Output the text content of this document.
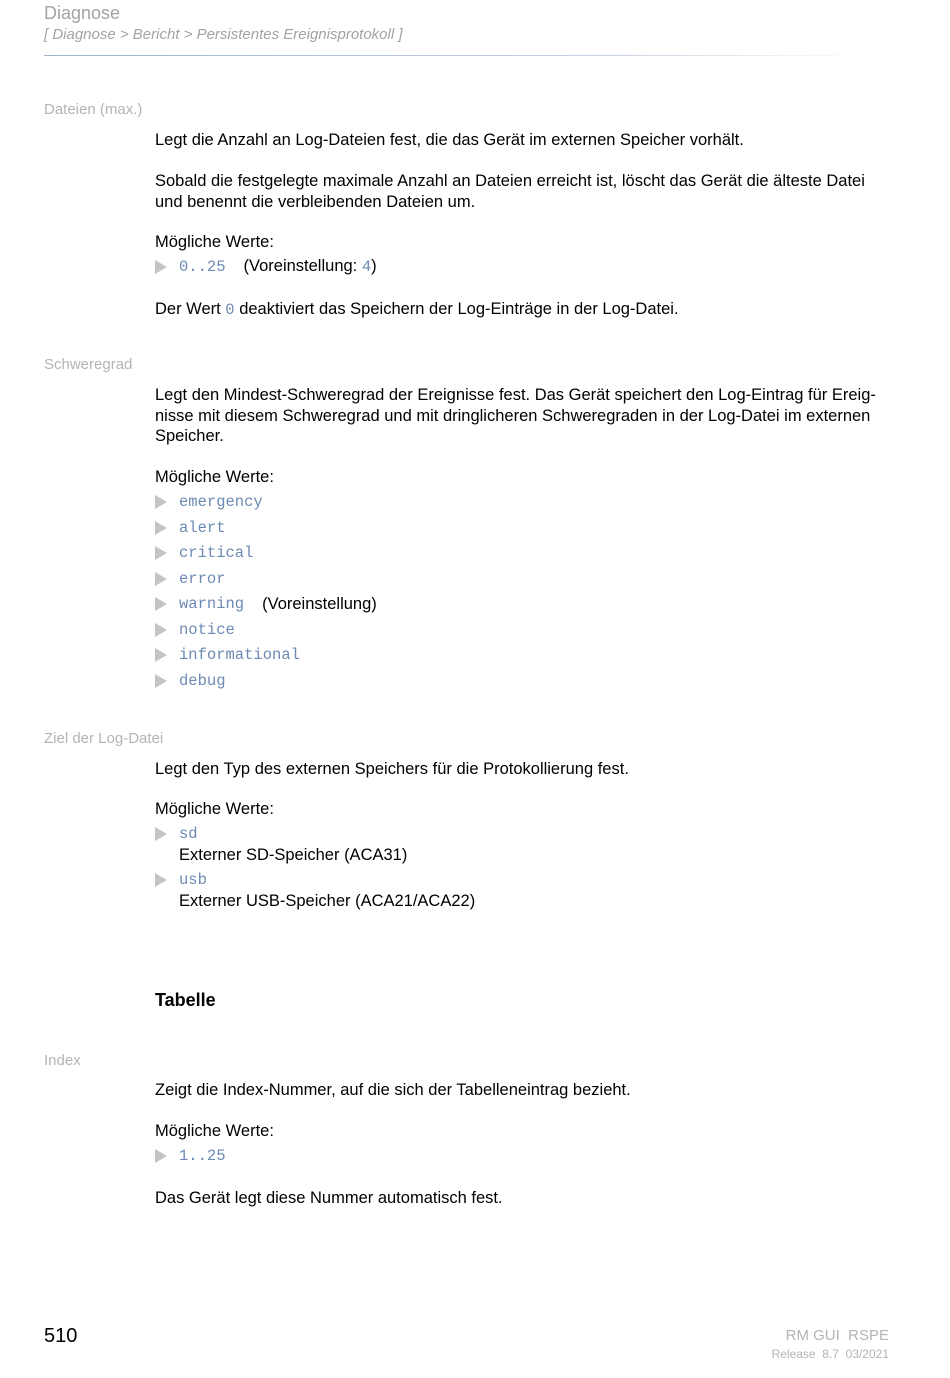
Diagnose
[ Diagnose > Bericht > Persistentes Ereignisprotokoll ]
Dateien (max.)
Legt die Anzahl an Log-Dateien fest, die das Gerät im externen Speicher vorhält.
Sobald die festgelegte maximale Anzahl an Dateien erreicht ist, löscht das Gerät die älteste Datei
und benennt die verbleibenden Dateien um.
Mögliche Werte:
0..25 (Voreinstellung: 4)
Der Wert 0 deaktiviert das Speichern der Log-Einträge in der Log-Datei.
Schweregrad
Legt den Mindest-Schweregrad der Ereignisse fest. Das Gerät speichert den Log-Eintrag für Ereig-
nisse mit diesem Schweregrad und mit dringlicheren Schweregraden in der Log-Datei im externen
Speicher.
Mögliche Werte:
emergency
alert
critical
error
warning (Voreinstellung)
notice
informational
debug
Ziel der Log-Datei
Legt den Typ des externen Speichers für die Protokollierung fest.
Mögliche Werte:
sd
Externer SD-Speicher (ACA31)
usb
Externer USB-Speicher (ACA21/ACA22)
Tabelle
Index
Zeigt die Index-Nummer, auf die sich der Tabelleneintrag bezieht.
Mögliche Werte:
1..25
Das Gerät legt diese Nummer automatisch fest.
510	RM GUI  RSPE
Release  8.7  03/2021
